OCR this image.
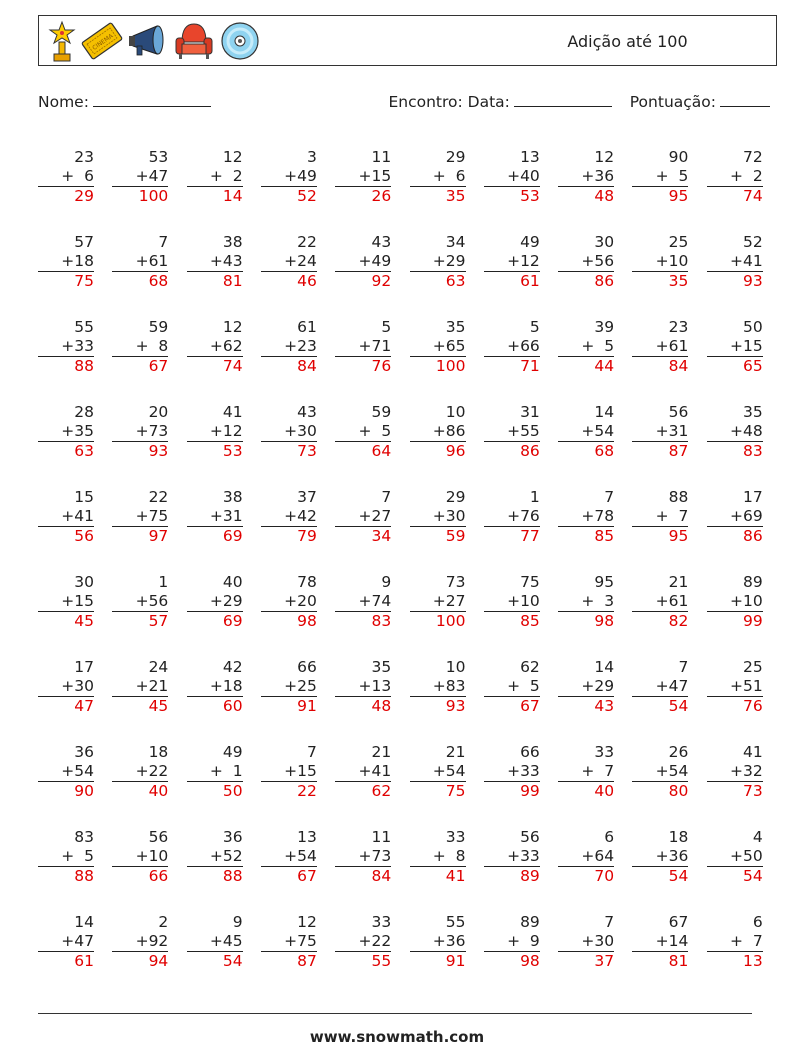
CINEMA	Adição até 100
Nome:	Encontro: Data:	Pontuação:
23
+ 6
29
53
+47
100
12
+ 2
14
3
+49
52
11
+15
26
29
+ 6
35
13
+40
53
12
+36
48
90
+ 5
95
72
+ 2
74
57
+18
75
7
+61
68
38
+43
81
22
+24
46
43
+49
92
34
+29
63
49
+12
61
30
+56
86
25
+10
35
52
+41
93
55
+33
88
59
+ 8
67
12
+62
74
61
+23
84
5
+71
76
35
+65
100
5
+66
71
39
+ 5
44
23
+61
84
50
+15
65
28
+35
63
20
+73
93
41
+12
53
43
+30
73
59
+ 5
64
10
+86
96
31
+55
86
14
+54
68
56
+31
87
35
+48
83
15
+41
56
22
+75
97
38
+31
69
37
+42
79
7
+27
34
29
+30
59
1
+76
77
7
+78
85
88
+ 7
95
17
+69
86
30
+15
45
1
+56
57
40
+29
69
78
+20
98
9
+74
83
73
+27
100
75
+10
85
95
+ 3
98
21
+61
82
89
+10
99
17
+30
47
24
+21
45
42
+18
60
66
+25
91
35
+13
48
10
+83
93
62
+ 5
67
14
+29
43
7
+47
54
25
+51
76
36
+54
90
18
+22
40
49
+ 1
50
7
+15
22
21
+41
62
21
+54
75
66
+33
99
33
+ 7
40
26
+54
80
41
+32
73
83
+ 5
88
56
+10
66
36
+52
88
13
+54
67
11
+73
84
33
+ 8
41
56
+33
89
6
+64
70
18
+36
54
4
+50
54
14
+47
61
2
+92
94
9
+45
54
12
+75
87
33
+22
55
55
+36
91
89
+ 9
98
7
+30
37
67
+14
81
6
+ 7
13
www.snowmath.com
